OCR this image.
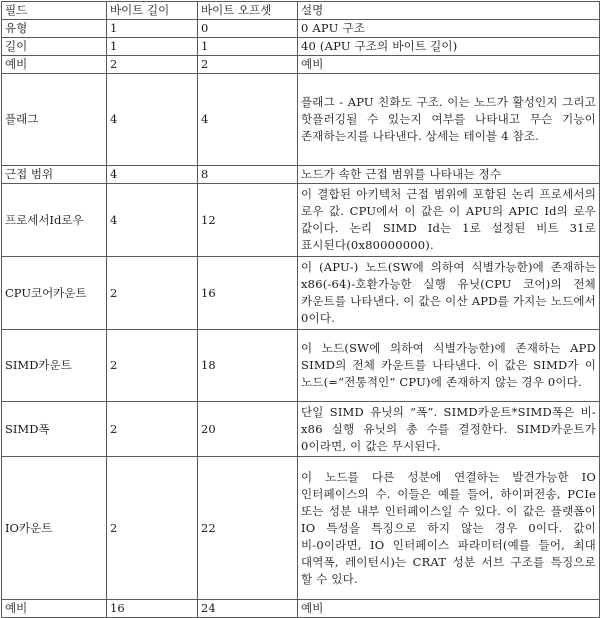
필드	바이트 길이	바이트 오프셋	설명
유형	1	0	0 APU 구조
길이	1	1	40 (APU 구조의 바이트 길이)
예비	2	2	예비
플래그	4	4	플래그 - APU 친화도 구조. 이는 노드가 활성인지 그리고 핫플러깅될 수 있는지 여부를 나타내고 무슨 기능이 존재하는지를 나타낸다. 상세는 테이블 4 참조.
근접 범위	4	8	노드가 속한 근접 범위를 나타내는 정수
프로세서Id로우	4	12	이 결합된 아키텍처 근접 범위에 포함된 논리 프로세서의 로우 값. CPU에서 이 값은 이 APU의 APIC Id의 로우 값이다. 논리 SIMD Id는 1로 설정된 비트 31로 표시된다(0x80000000).
CPU코어카운트	2	16	이 (APU-) 노드(SW에 의하여 식별가능한)에 존재하는 x86(-64)-호환가능한 실행 유닛(CPU 코어)의 전체 카운트를 나타낸다. 이 값은 이산 APD를 가지는 노드에서 0이다.
SIMD카운트	2	18	이 노드(SW에 의하여 식별가능한)에 존재하는 APD SIMD의 전체 카운트를 나타낸다. 이 값은 SIMD가 이 노드(=“전통적인” CPU)에 존재하지 않는 경우 0이다.
SIMD폭	2	20	단일 SIMD 유닛의 “폭”. SIMD카운트*SIMD폭은 비-x86 실행 유닛의 총 수를 결정한다. SIMD카운트가 0이라면, 이 값은 무시된다.
IO카운트	2	22	이 노드를 다른 성분에 연결하는 발견가능한 IO 인터페이스의 수. 이들은 예를 들어, 하이퍼전송, PCIe 또는 성분 내부 인터페이스일 수 있다. 이 값은 플랫폼이 IO 특성을 특징으로 하지 않는 경우 0이다. 값이 비-0이라면, IO 인터페이스 파라미터(예를 들어, 최대 대역폭, 레이턴시)는 CRAT 성분 서브 구조를 특징으로 할 수 있다.
예비	16	24	예비
